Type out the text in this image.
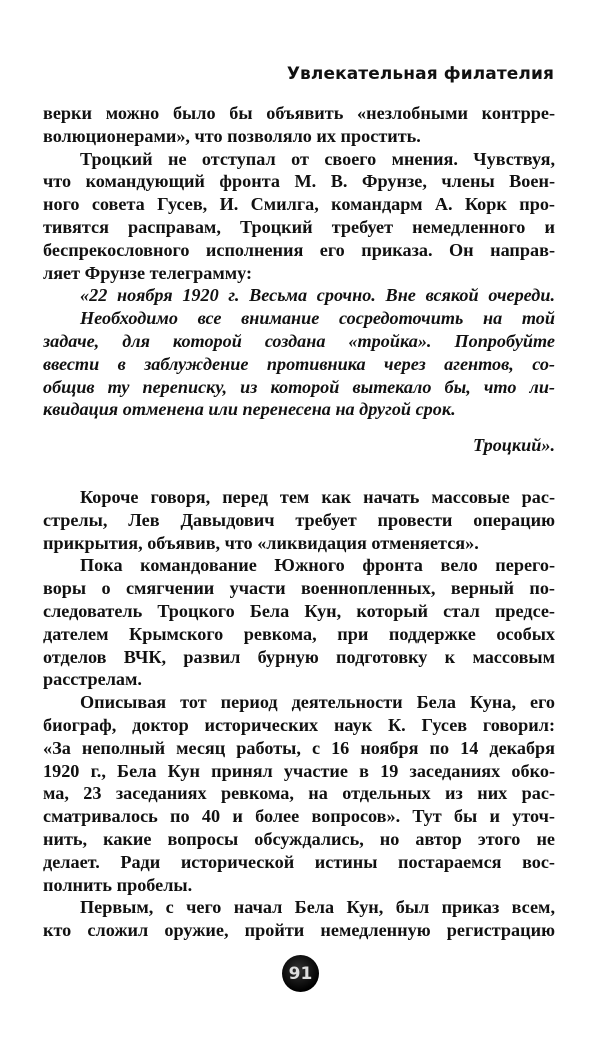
Увлекательная филателия
верки можно было бы объявить «незлобными контрре-
волюционерами», что позволяло их простить.
Троцкий не отступал от своего мнения. Чувствуя,
что командующий фронта М. В. Фрунзе, члены Воен-
ного совета Гусев, И. Смилга, командарм А. Корк про-
тивятся расправам, Троцкий требует немедленного и
беспрекословного исполнения его приказа. Он направ-
ляет Фрунзе телеграмму:
«22 ноября 1920 г. Весьма срочно. Вне всякой очереди.
Необходимо все внимание сосредоточить на той
задаче, для которой создана «тройка». Попробуйте
ввести в заблуждение противника через агентов, со-
общив ту переписку, из которой вытекало бы, что ли-
квидация отменена или перенесена на другой срок.
Троцкий».
Короче говоря, перед тем как начать массовые рас-
стрелы, Лев Давыдович требует провести операцию
прикрытия, объявив, что «ликвидация отменяется».
Пока командование Южного фронта вело перего-
воры о смягчении участи военнопленных, верный по-
следователь Троцкого Бела Кун, который стал предсе-
дателем Крымского ревкома, при поддержке особых
отделов ВЧК, развил бурную подготовку к массовым
расстрелам.
Описывая тот период деятельности Бела Куна, его
биограф, доктор исторических наук К. Гусев говорил:
«За неполный месяц работы, с 16 ноября по 14 декабря
1920 г., Бела Кун принял участие в 19 заседаниях обко-
ма, 23 заседаниях ревкома, на отдельных из них рас-
сматривалось по 40 и более вопросов». Тут бы и уточ-
нить, какие вопросы обсуждались, но автор этого не
делает. Ради исторической истины постараемся вос-
полнить пробелы.
Первым, с чего начал Бела Кун, был приказ всем,
кто сложил оружие, пройти немедленную регистрацию
91
